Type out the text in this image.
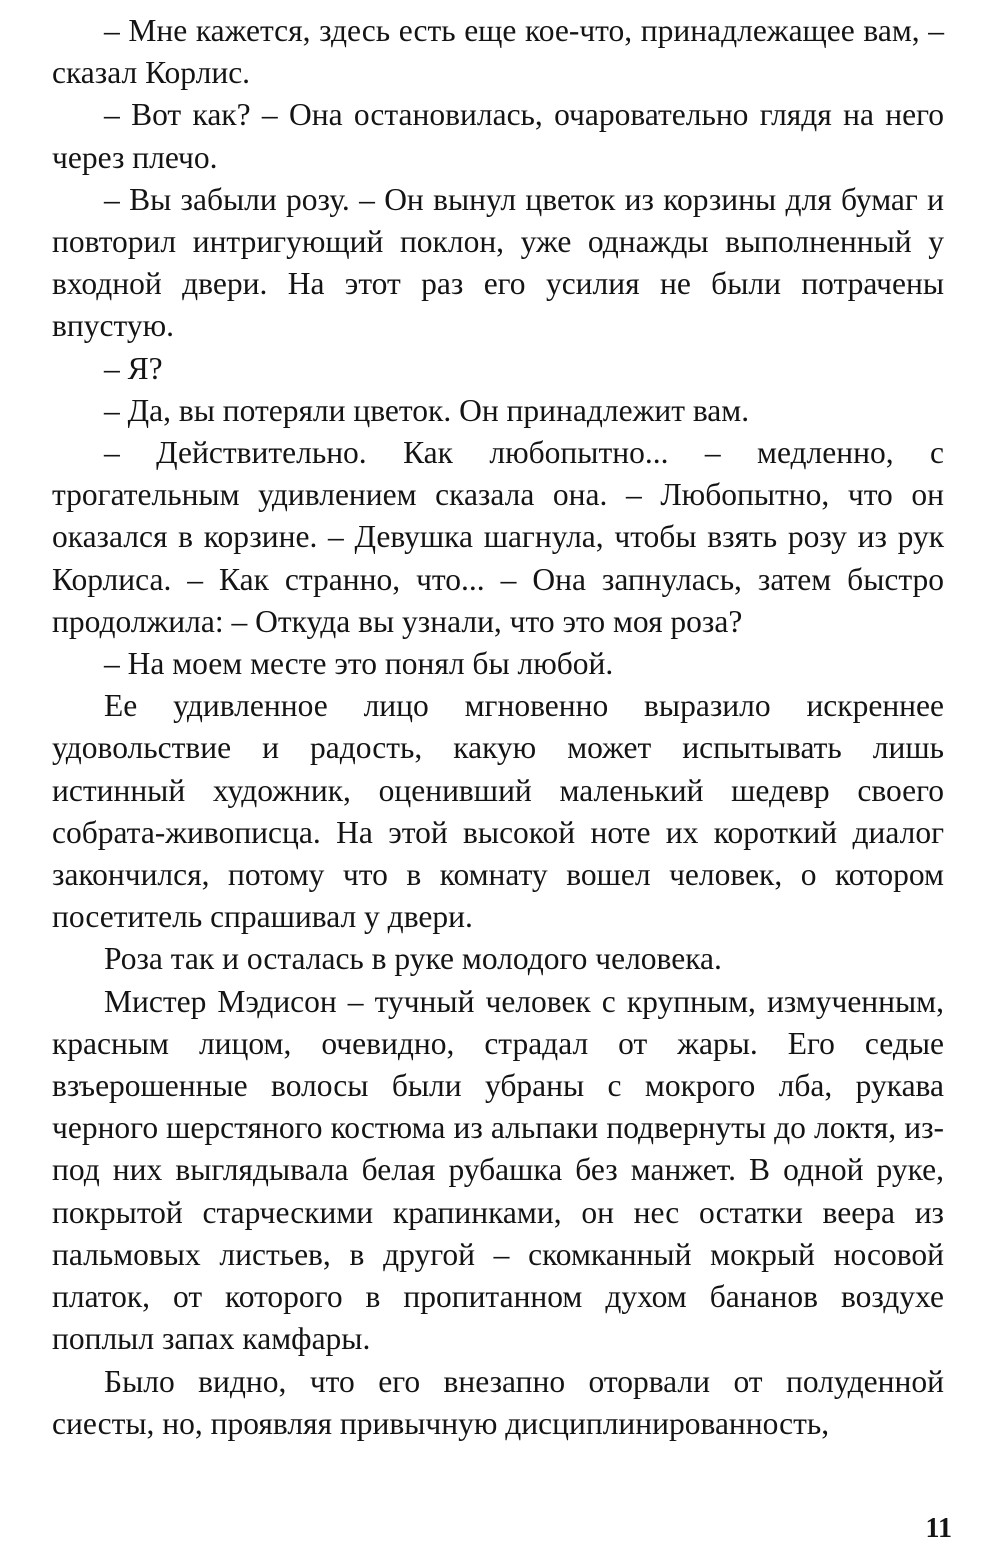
– Мне кажется, здесь есть еще кое-что, принадлежащее вам, – сказал Корлис.

– Вот как? – Она остановилась, очаровательно глядя на него через плечо.

– Вы забыли розу. – Он вынул цветок из корзины для бумаг и повторил интригующий поклон, уже однажды выполненный у входной двери. На этот раз его усилия не были потрачены впустую.

– Я?

– Да, вы потеряли цветок. Он принадлежит вам.

– Действительно. Как любопытно... – медленно, с трогательным удивлением сказала она. – Любопытно, что он оказался в корзине. – Девушка шагнула, чтобы взять розу из рук Корлиса. – Как странно, что... – Она запнулась, затем быстро продолжила: – Откуда вы узнали, что это моя роза?

– На моем месте это понял бы любой.

Ее удивленное лицо мгновенно выразило искреннее удовольствие и радость, какую может испытывать лишь истинный художник, оценивший маленький шедевр своего собрата-живописца. На этой высокой ноте их короткий диалог закончился, потому что в комнату вошел человек, о котором посетитель спрашивал у двери.

Роза так и осталась в руке молодого человека.

Мистер Мэдисон – тучный человек с крупным, измученным, красным лицом, очевидно, страдал от жары. Его седые взъерошенные волосы были убраны с мокрого лба, рукава черного шерстяного костюма из альпаки подвернуты до локтя, из-под них выглядывала белая рубашка без манжет. В одной руке, покрытой старческими крапинками, он нес остатки веера из пальмовых листьев, в другой – скомканный мокрый носовой платок, от которого в пропитанном духом бананов воздухе поплыл запах камфары.

Было видно, что его внезапно оторвали от полуденной сиесты, но, проявляя привычную дисциплинированность,

11
